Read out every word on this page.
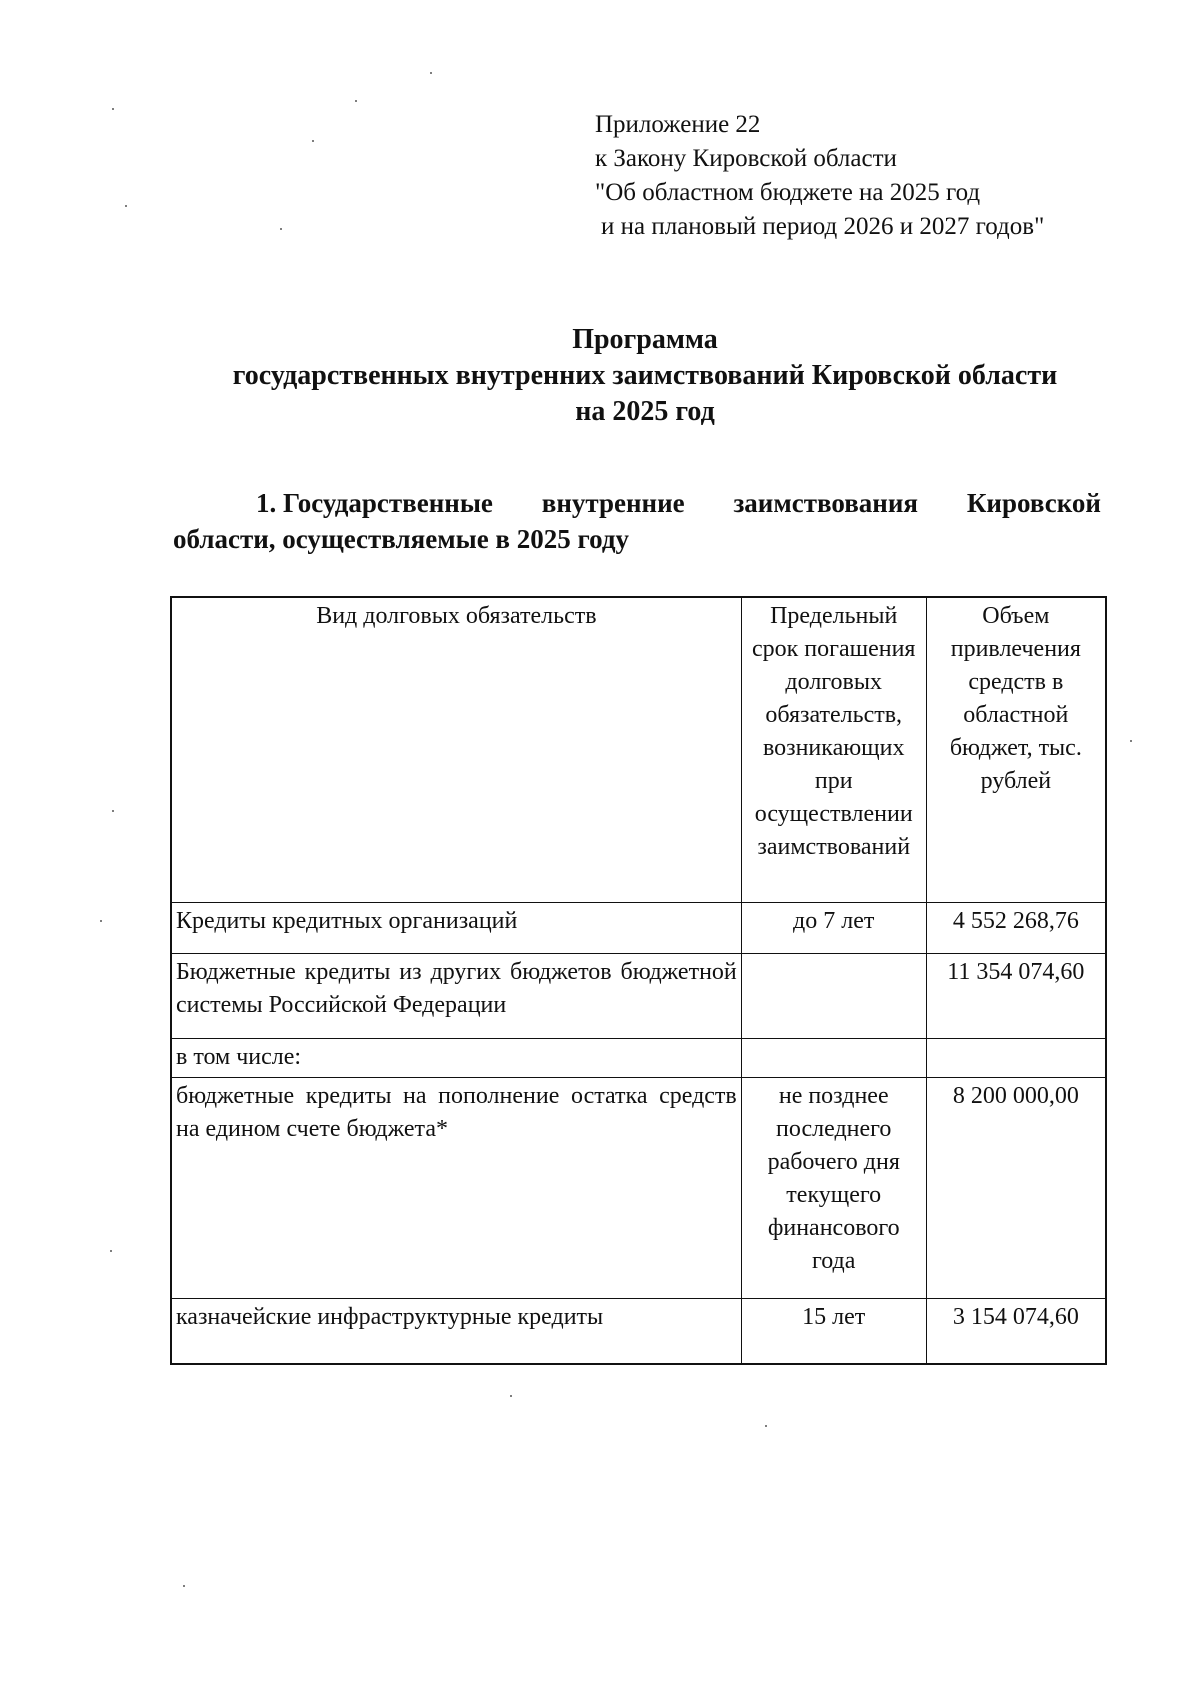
Приложение 22
к Закону Кировской области
"Об областном бюджете на 2025 год
и на плановый период 2026 и 2027 годов"
Программа
государственных внутренних заимствований Кировской области
на 2025 год
1. Государственные внутренние заимствования Кировской
области, осуществляемые в 2025 году
Вид долговых обязательств	Предельный срок погашения долговых обязательств, возникающих при осуществлении заимствований	Объем привлечения средств в областной бюджет, тыс. рублей
Кредиты кредитных организаций	до 7 лет	4 552 268,76
Бюджетные кредиты из других бюджетов бюджетной системы Российской Федерации		11 354 074,60
в том числе:		
бюджетные кредиты на пополнение остатка средств на едином счете бюджета*	не позднее последнего рабочего дня текущего финансового года	8 200 000,00
казначейские инфраструктурные кредиты	15 лет	3 154 074,60
